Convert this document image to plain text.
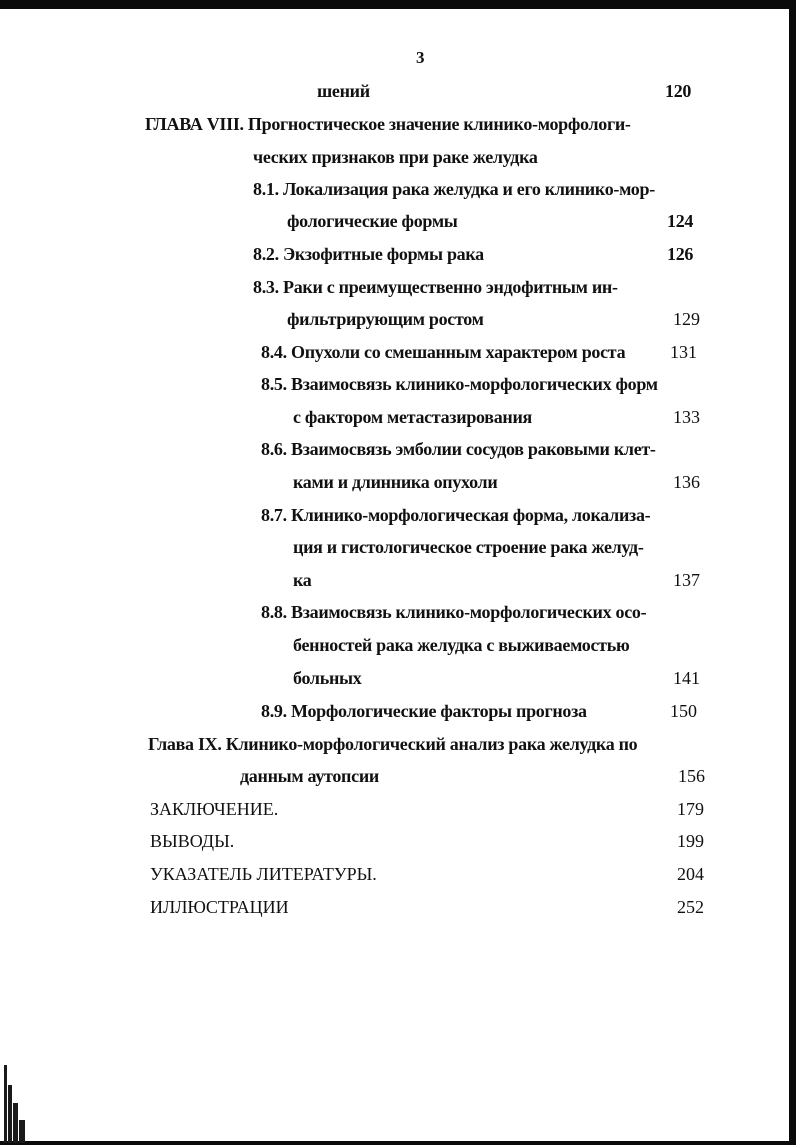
3
шений	120
ГЛАВА VIII. Прогностическое значение клинико-морфологи-
ческих признаков при раке желудка
8.1. Локализация рака желудка и его клинико-мор-
фологические формы	124
8.2. Экзофитные формы рака	126
8.3. Раки с преимущественно эндофитным ин-
фильтрирующим ростом	129
8.4. Опухоли со смешанным характером роста 131
8.5. Взаимосвязь клинико-морфологических форм
с фактором метастазирования	133
8.6. Взаимосвязь эмболии сосудов раковыми клет-
ками и длинника опухоли	136
8.7. Клинико-морфологическая форма, локализа-
ция и гистологическое строение рака желуд-
ка	137
8.8. Взаимосвязь клинико-морфологических осо-
бенностей рака желудка с выживаемостью
больных	141
8.9. Морфологические факторы прогноза	150
Глава IX. Клинико-морфологический анализ рака желудка по
данным аутопсии	156
ЗАКЛЮЧЕНИЕ.	179
ВЫВОДЫ.	199
УКАЗАТЕЛЬ ЛИТЕРАТУРЫ.	204
ИЛЛЮСТРАЦИИ	252
